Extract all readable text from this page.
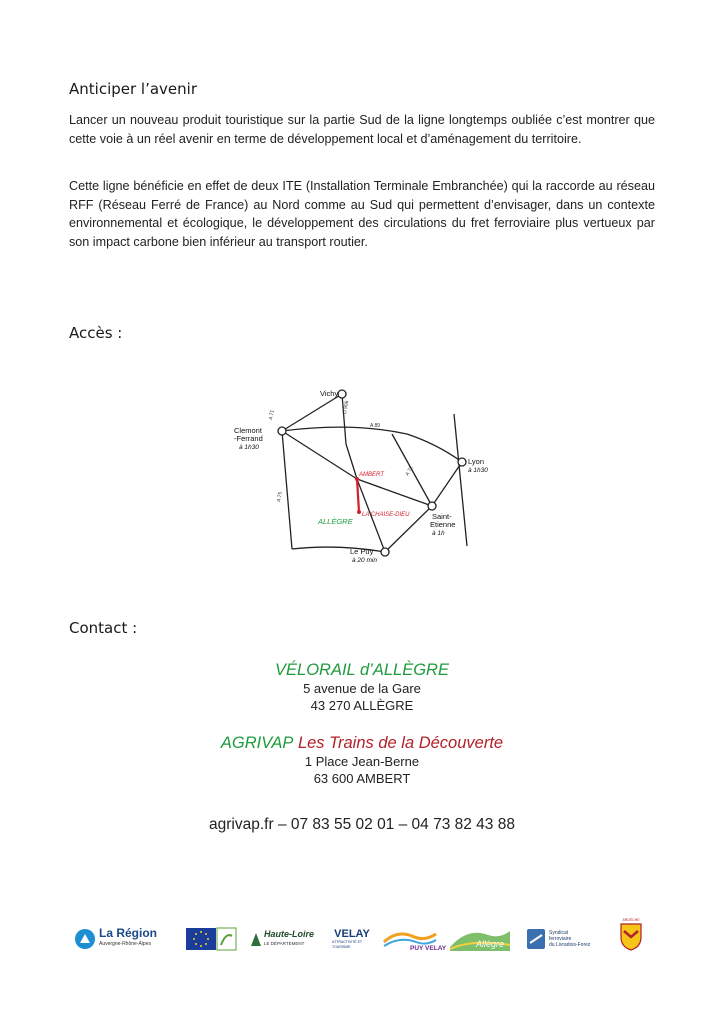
Anticiper l’avenir

Lancer un nouveau produit touristique sur la partie Sud de la ligne longtemps oubliée c’est montrer que cette voie à un réel avenir en terme de développement local et d’aménagement du territoire.

Cette ligne bénéficie en effet de deux ITE (Installation Terminale Embranchée) qui la raccorde au réseau RFF (Réseau Ferré de France) au Nord comme au Sud qui permettent d’envisager, dans un contexte environnemental et écologique, le développement des circulations du fret ferroviaire plus vertueux par son impact carbone bien inférieur au transport routier.

Accès :
Vichy
Clemont
-Ferrand
à 1h30
Lyon
à 1h30
Saint-
Etienne
à 1h
Le Puy
à 20 min
AMBERT
LA CHAISE-DIEU
ALLÈGRE
A 71
A 89
A 72
A 75
D 906
Contact :
VÉLORAIL d’ALLÈGRE
5 avenue de la Gare
43 270 ALLÈGRE
AGRIVAP Les Trains de la Découverte
1 Place Jean-Berne
63 600 AMBERT
agrivap.fr – 07 83 55 02 01 – 04 73 82 43 88
La Région
Auvergne-Rhône-Alpes
Haute-Loire
LE DÉPARTEMENT
VELAY
ATTRACTIVITÉ ET TOURISME	PUY VELAY	Allègre
Syndicat
ferroviaire
du Livradois-Forez
ARDÈCHE
